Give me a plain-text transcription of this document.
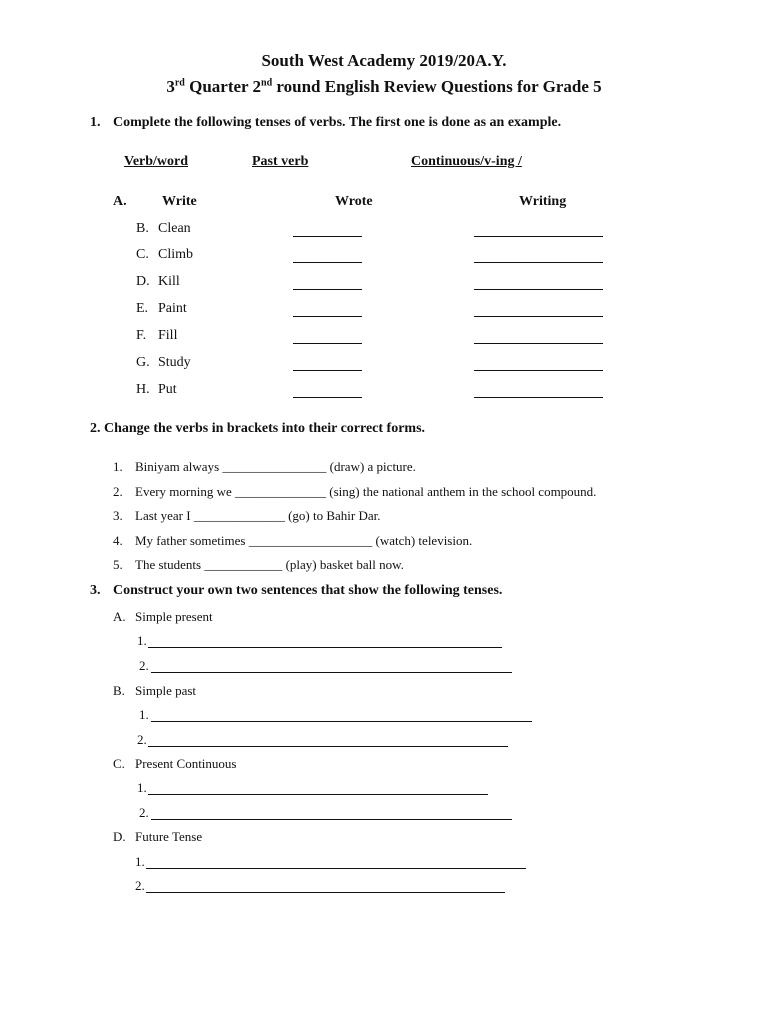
South West Academy 2019/20A.Y.
3rd Quarter 2nd round English Review Questions for Grade 5
1. Complete the following tenses of verbs. The first one is done as an example.
Verb/word	Past verb	Continuous/v-ing /
A.	Write	Wrote	Writing
B. Clean
C. Climb
D. Kill
E. Paint
F. Fill
G. Study
H. Put
2. Change the verbs in brackets into their correct forms.
1. Biniyam always ________________ (draw) a picture.
2. Every morning we ______________ (sing) the national anthem in the school compound.
3. Last year I ______________ (go) to Bahir Dar.
4. My father sometimes ___________________ (watch) television.
5. The students ____________ (play) basket ball now.
3. Construct your own two sentences that show the following tenses.
A. Simple present
1.
2.
B. Simple past
1.
2.
C. Present Continuous
1.
2.
D. Future Tense
1.
2.
